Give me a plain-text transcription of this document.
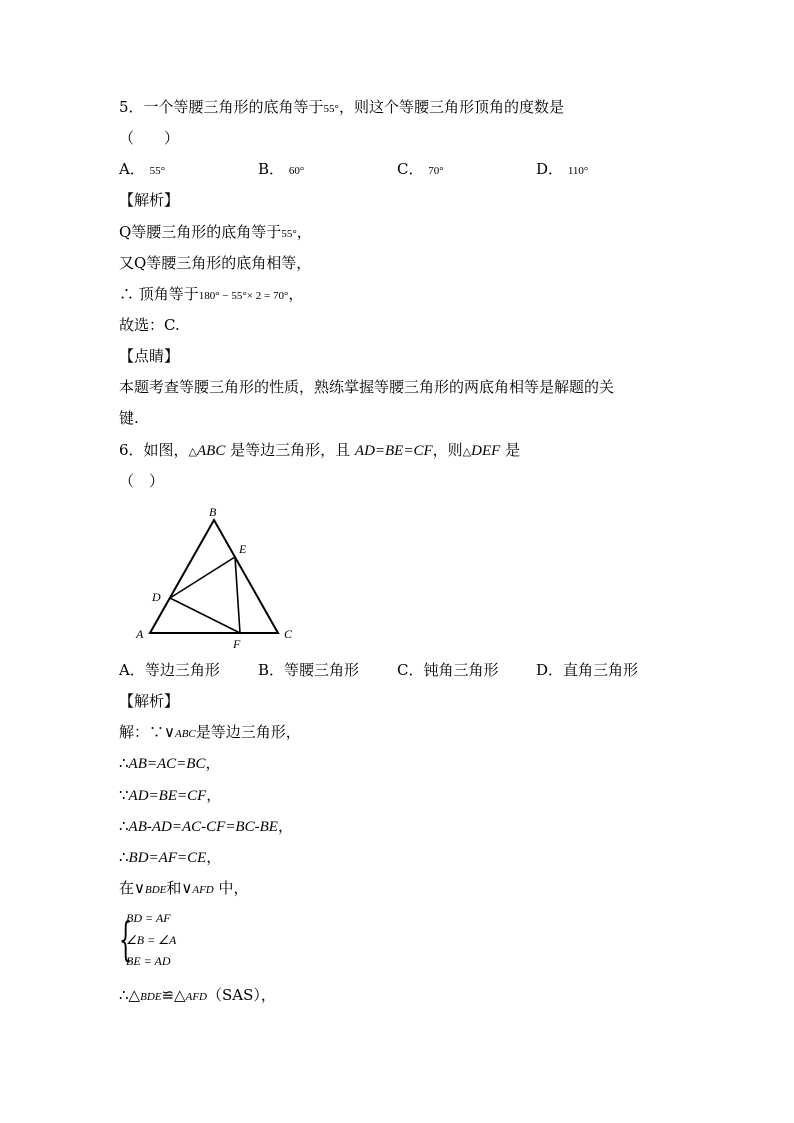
5．一个等腰三角形的底角等于55°，则这个等腰三角形顶角的度数是
（　　）
A． 55°	B． 60°	C． 70°	D． 110°
【解析】
Q等腰三角形的底角等于55°，
又Q等腰三角形的底角相等，
∴ 顶角等于180° − 55°× 2 = 70°，
故选：C.
【点睛】
本题考查等腰三角形的性质，熟练掌握等腰三角形的两底角相等是解题的关
键.
6．如图，△ABC 是等边三角形，且 AD=BE=CF，则△DEF 是
（　）
A
B
C
D
E
F
A．等边三角形	B．等腰三角形	C．钝角三角形	D．直角三角形
【解析】
解：∵∨ABC是等边三角形，
∴AB=AC=BC，
∵AD=BE=CF，
∴AB-AD=AC-CF=BC-BE，
∴BD=AF=CE，
在∨BDE和∨AFD 中，
{
BD = AF
∠B = ∠A
BE = AD
∴△BDE≌△AFD（SAS），
